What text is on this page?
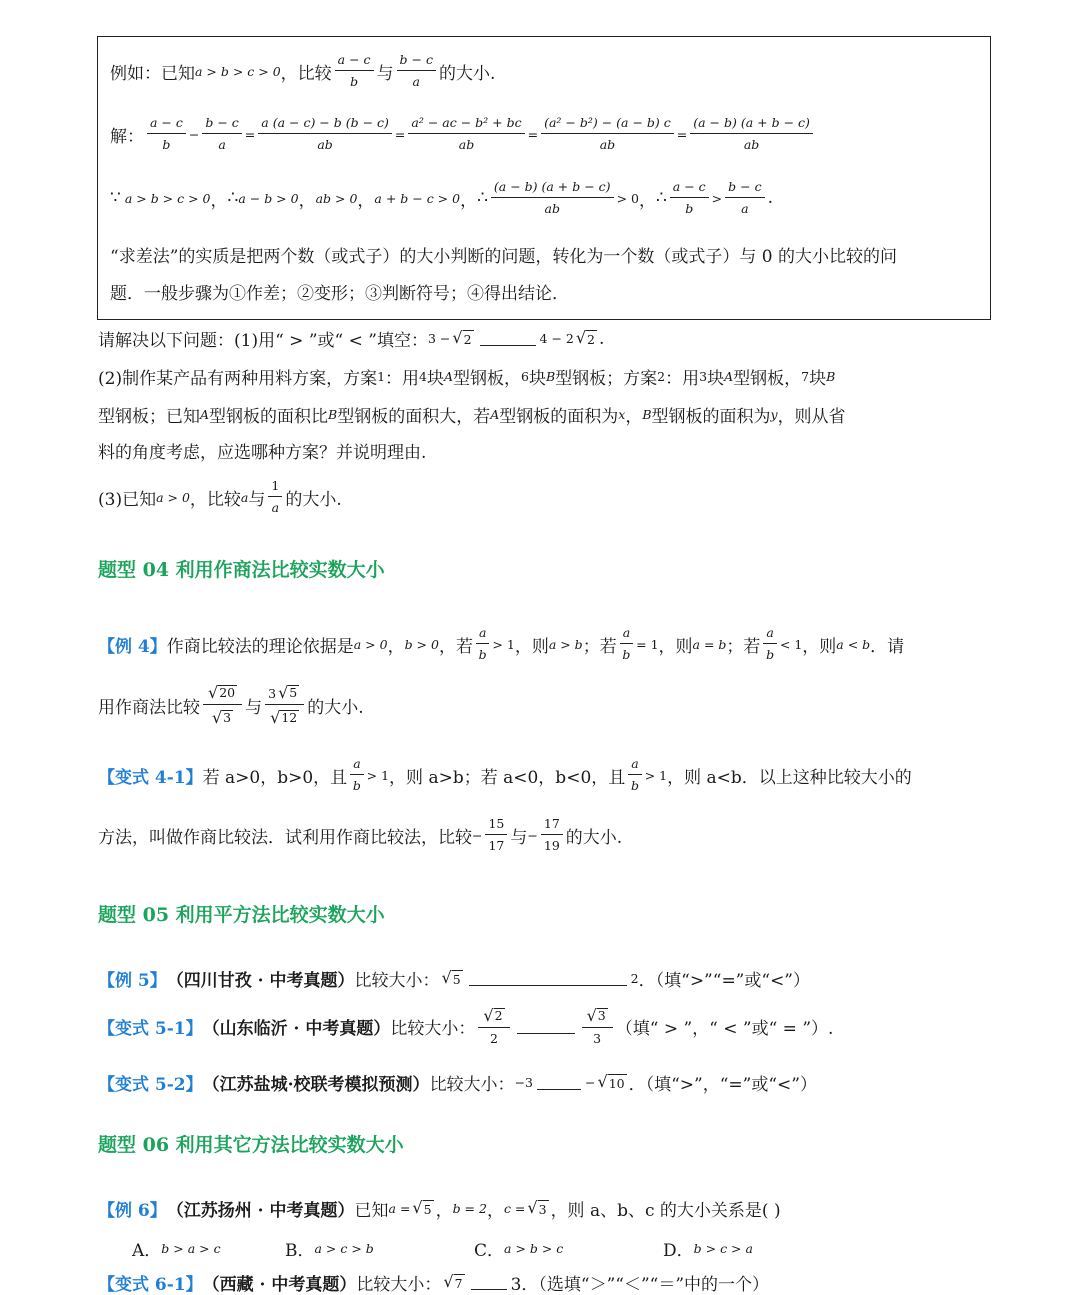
例如：已知 a > b > c > 0 ，比较 $\frac{a - c}{b}$ 与 $\frac{b - c}{a}$ 的大小.
解： $\frac{a - c}{b} - \frac{b - c}{a} = \frac{a (a - c) - b (b - c)}{ab} = \frac{\text{a² − ac − b² + bc}}{ab} = \frac{\text{(a² − b²) − (a − b) c}}{ab} = \frac{(a - b) (a + b - c)}{ab}$
∵ a > b > c > 0 ， ∴ a − b > 0 ， ab > 0 ， a + b − c > 0 ， ∴ $\frac{(a - b) (a + b - c)}{ab} > 0$ ， ∴ $\frac{a - c}{b} > \frac{b - c}{a}$ .
“求差法”的实质是把两个数（或式子）的大小判断的问题，转化为一个数（或式子）与 0 的大小比较的问
题．一般步骤为①作差；②变形；③判断符号；④得出结论．
请解决以下问题：(1)用“ > ”或“ < ”填空： 3 − √ 2	4 − 2 √ 2 .
(2)制作某产品有两种用料方案，方案 1 ：用 4 块 A 型钢板， 6 块 B 型钢板；方案 2 ：用 3 块 A 型钢板， 7 块 B
型钢板；已知 A 型钢板的面积比 B 型钢板的面积大，若 A 型钢板的面积为 x ， B 型钢板的面积为 y ，则从省
料的角度考虑，应选哪种方案？并说明理由.
(3)已知 a > 0 ，比较 a 与 $\frac{1}{a}$ 的大小.
题型 04 利用作商法比较实数大小
【例 4】 作商比较法的理论依据是 a > 0 ， b > 0 ， 若 $\frac{a}{b} > 1$ ， 则 a > b ； 若 $\frac{a}{b} = 1$ ， 则 a = b ； 若 $\frac{a}{b} < 1$ ， 则 a < b ． 请
用作商法比较 $\frac{√ 20}{√ 3}$ 与 $\frac{3 √ 5}{√ 12}$ 的大小.
【变式 4-1】 若 a>0，b>0，且 $\frac{a}{b} > 1$ ，则 a>b；若 a<0，b<0，且 $\frac{a}{b} > 1$ ，则 a<b．以上这种比较大小的
方法，叫做作商比较法．试利用作商比较法，比较 − $\frac{15}{17}$ 与 − $\frac{17}{19}$ 的大小.
题型 05 利用平方法比较实数大小
【例 5】 （四川甘孜 · 中考真题） 比较大小： √ 5	2 ．（填“>”“=”或“<”）
【变式 5-1】 （山东临沂 · 中考真题） 比较大小： $\frac{√ 2}{2}$	$\frac{√ 3}{3}$ （填“ > ”，“ < ”或“ = ”）.
【变式 5-2】 （江苏盐城·校联考模拟预测） 比较大小： −3	− √ 10 ．（填“>”，“=”或“<”）
题型 06 利用其它方法比较实数大小
【例 6】 （江苏扬州 · 中考真题） 已知 a = √ 5 ， b = 2 ， c = √ 3 ，则 a、b、c 的大小关系是( )
A． b > a > c	B． a > c > b	C． a > b > c	D． b > c > a
【变式 6-1】 （西藏 · 中考真题） 比较大小： √ 7	3．（选填“＞”“＜”“＝”中的一个）
